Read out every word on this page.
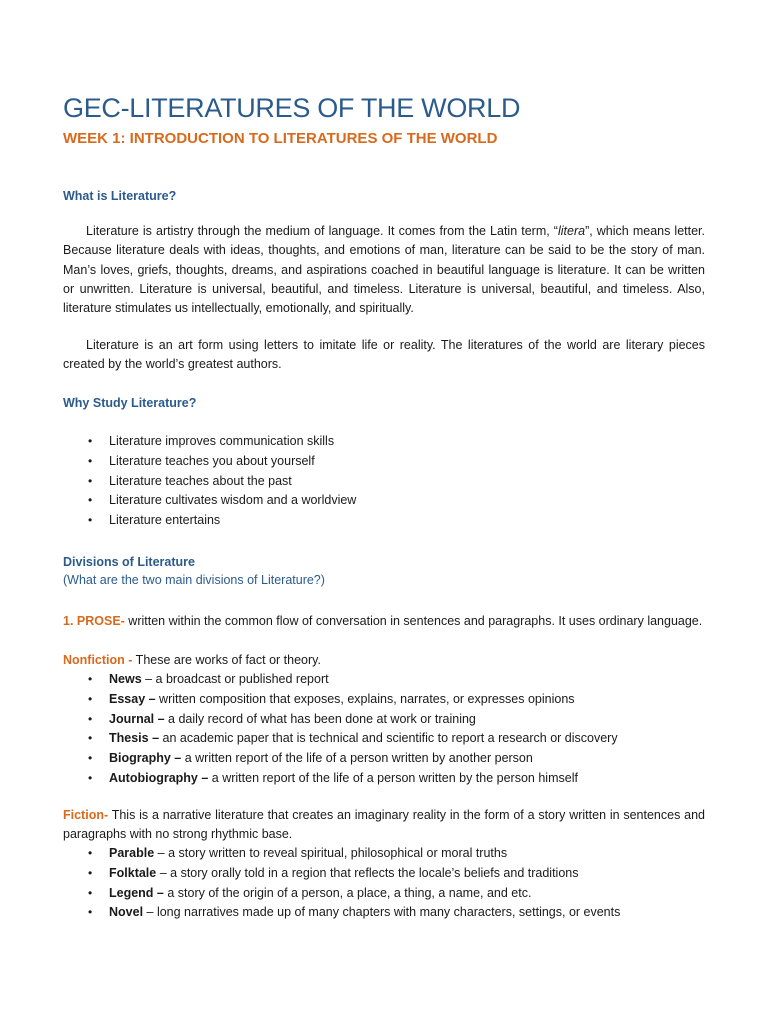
GEC-LITERATURES OF THE WORLD
WEEK 1: INTRODUCTION TO LITERATURES OF THE WORLD
What is Literature?

Literature is artistry through the medium of language. It comes from the Latin term, “litera”, which means letter. Because literature deals with ideas, thoughts, and emotions of man, literature can be said to be the story of man. Man’s loves, griefs, thoughts, dreams, and aspirations coached in beautiful language is literature. It can be written or unwritten. Literature is universal, beautiful, and timeless. Literature is universal, beautiful, and timeless. Also, literature stimulates us intellectually, emotionally, and spiritually.

Literature is an art form using letters to imitate life or reality. The literatures of the world are literary pieces created by the world’s greatest authors.

Why Study Literature?
• Literature improves communication skills
• Literature teaches you about yourself
• Literature teaches about the past
• Literature cultivates wisdom and a worldview
• Literature entertains
Divisions of Literature
(What are the two main divisions of Literature?)

1. PROSE- written within the common flow of conversation in sentences and paragraphs. It uses ordinary language.

Nonfiction - These are works of fact or theory.

• News – a broadcast or published report
• Essay – written composition that exposes, explains, narrates, or expresses opinions
• Journal – a daily record of what has been done at work or training
• Thesis – an academic paper that is technical and scientific to report a research or discovery
• Biography – a written report of the life of a person written by another person
• Autobiography – a written report of the life of a person written by the person himself

Fiction- This is a narrative literature that creates an imaginary reality in the form of a story written in sentences and paragraphs with no strong rhythmic base.

• Parable – a story written to reveal spiritual, philosophical or moral truths
• Folktale – a story orally told in a region that reflects the locale’s beliefs and traditions
• Legend – a story of the origin of a person, a place, a thing, a name, and etc.
• Novel – long narratives made up of many chapters with many characters, settings, or events
